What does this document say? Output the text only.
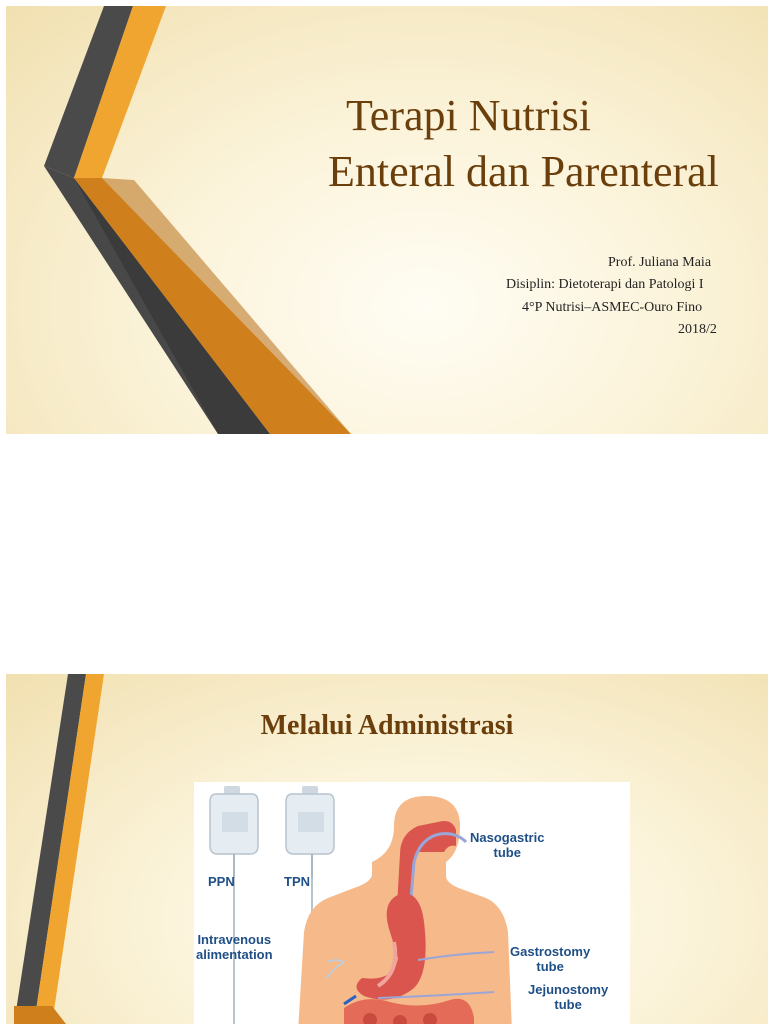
Terapi Nutrisi
Enteral dan Parenteral
Prof. Juliana Maia
Disiplin: Dietoterapi dan Patologi I
4°P Nutrisi–ASMEC-Ouro Fino
2018/2
Melalui Administrasi
PPN	TPN
Intravenous
alimentation
Nasogastric
tube
Gastrostomy
tube
Jejunostomy
tube
